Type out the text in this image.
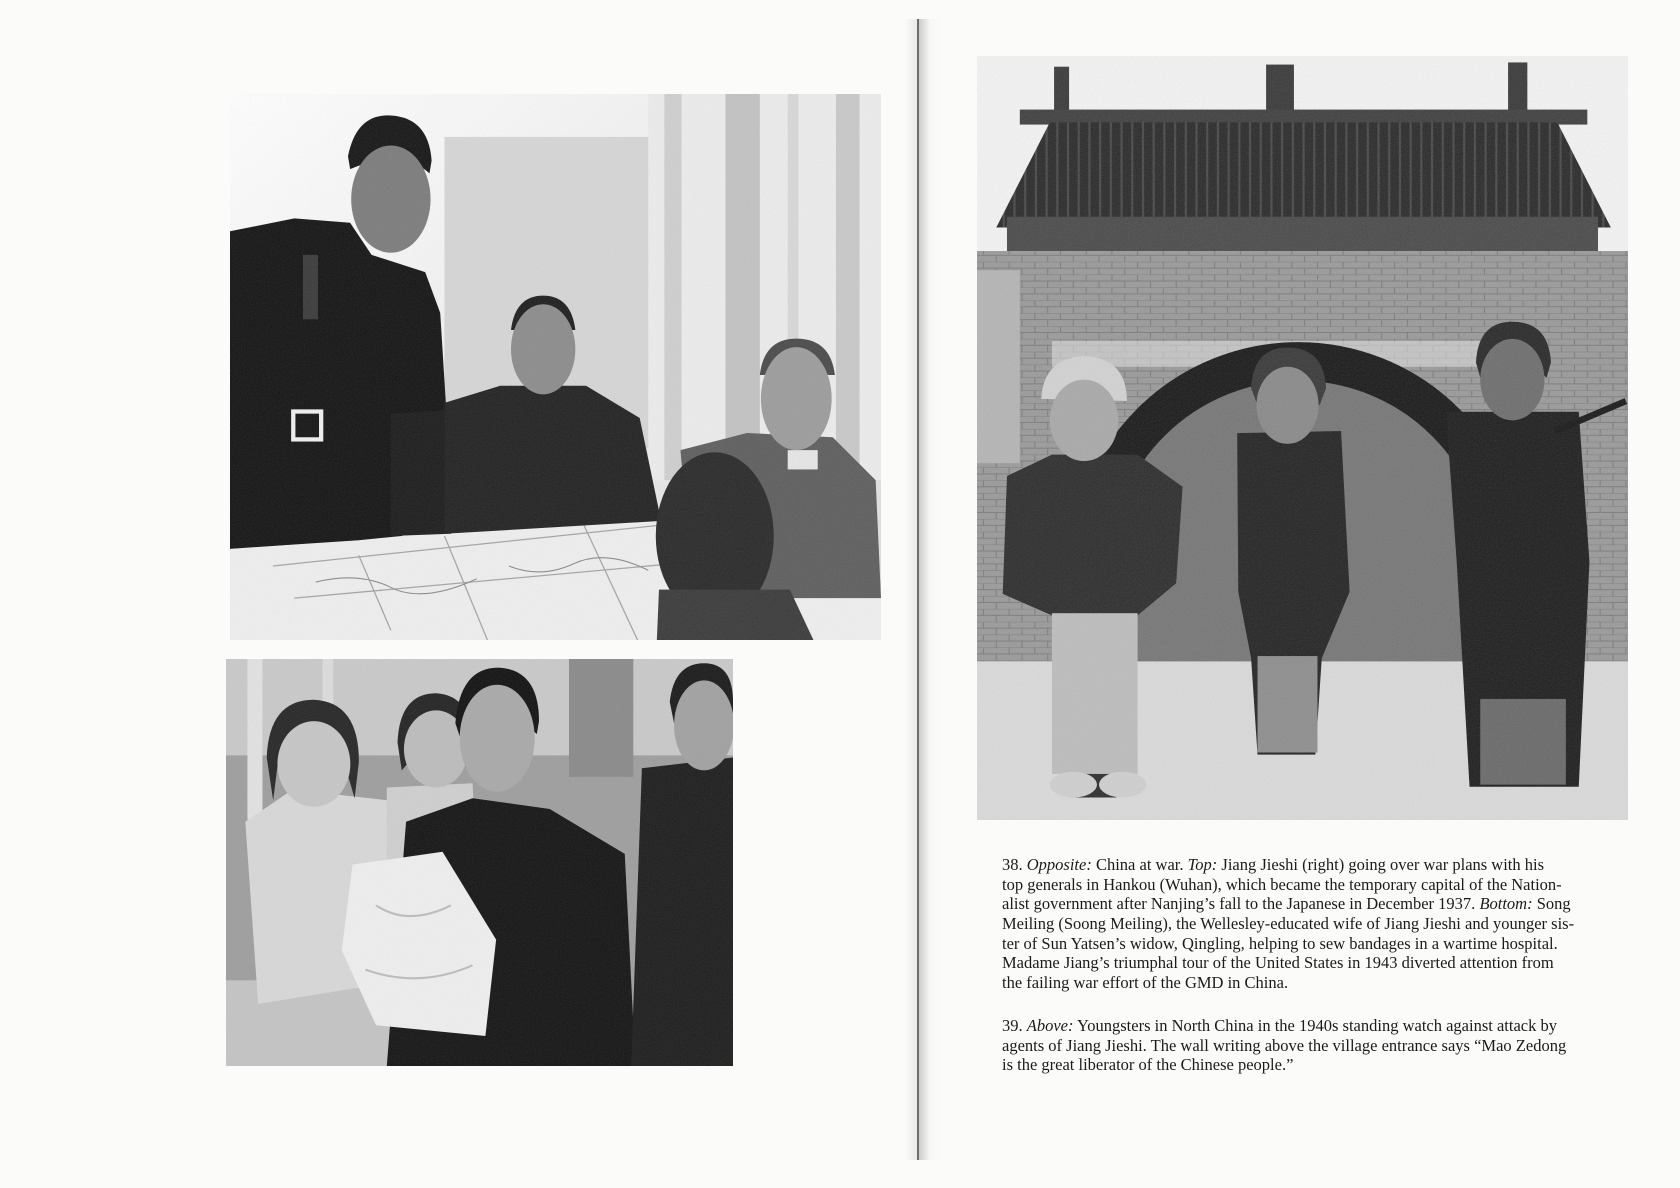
38. Opposite: China at war. Top: Jiang Jieshi (right) going over war plans with his
top generals in Hankou (Wuhan), which became the temporary capital of the Nation-
alist government after Nanjing’s fall to the Japanese in December 1937. Bottom: Song
Meiling (Soong Meiling), the Wellesley-educated wife of Jiang Jieshi and younger sis-
ter of Sun Yatsen’s widow, Qingling, helping to sew bandages in a wartime hospital.
Madame Jiang’s triumphal tour of the United States in 1943 diverted attention from
the failing war effort of the GMD in China.
39. Above: Youngsters in North China in the 1940s standing watch against attack by
agents of Jiang Jieshi. The wall writing above the village entrance says “Mao Zedong
is the great liberator of the Chinese people.”
